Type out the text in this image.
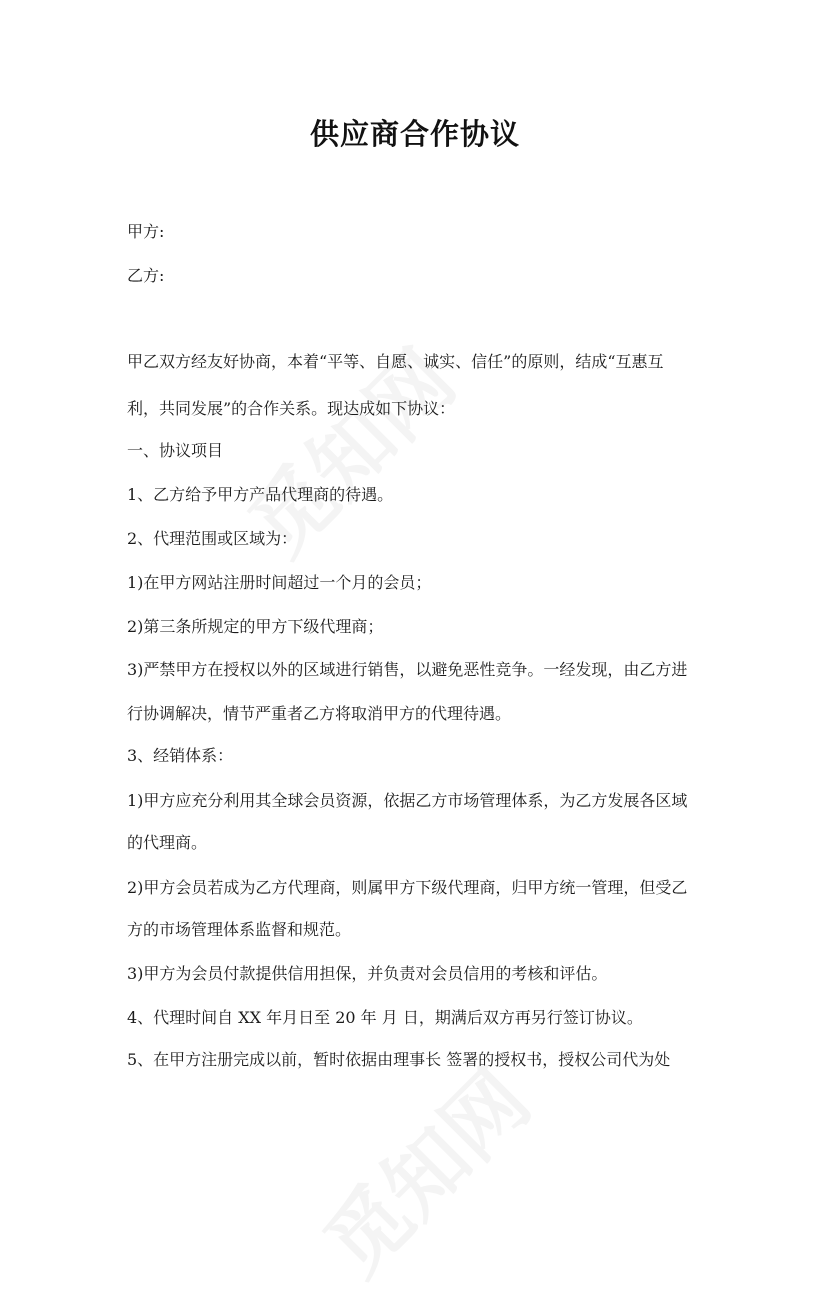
供应商合作协议
甲方:
乙方:
甲乙双方经友好协商，本着“平等、自愿、诚实、信任”的原则，结成“互惠互
利，共同发展”的合作关系。现达成如下协议：
一、协议项目
1、乙方给予甲方产品代理商的待遇。
2、代理范围或区域为：
1)在甲方网站注册时间超过一个月的会员；
2)第三条所规定的甲方下级代理商；
3)严禁甲方在授权以外的区域进行销售，以避免恶性竞争。一经发现，由乙方进
行协调解决，情节严重者乙方将取消甲方的代理待遇。
3、经销体系：
1)甲方应充分利用其全球会员资源，依据乙方市场管理体系，为乙方发展各区域
的代理商。
2)甲方会员若成为乙方代理商，则属甲方下级代理商，归甲方统一管理，但受乙
方的市场管理体系监督和规范。
3)甲方为会员付款提供信用担保，并负责对会员信用的考核和评估。
4、代理时间自 XX 年月日至 20 年 月 日，期满后双方再另行签订协议。
5、在甲方注册完成以前，暂时依据由理事长 签署的授权书，授权公司代为处
